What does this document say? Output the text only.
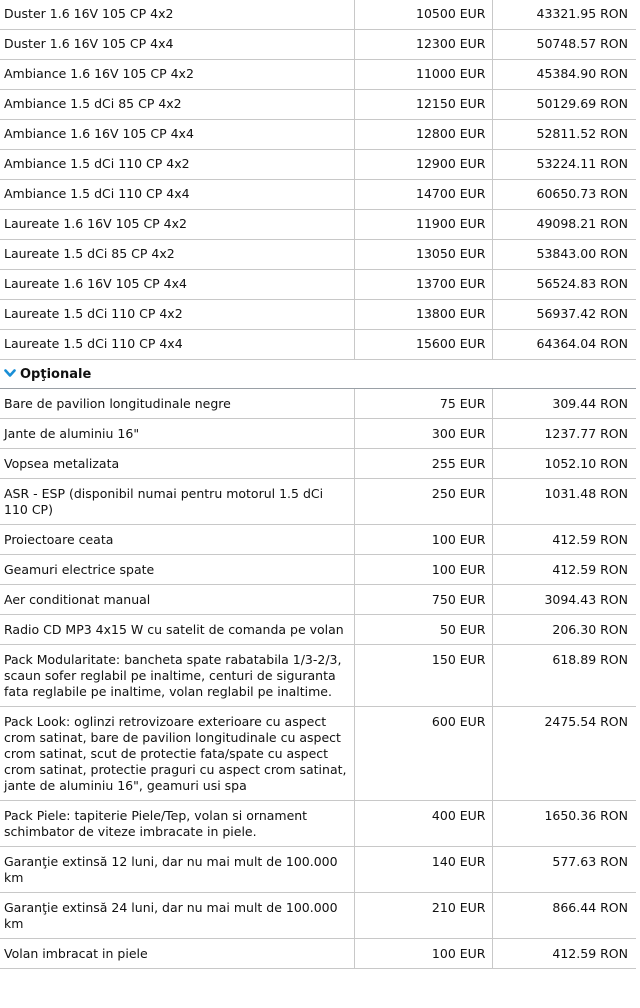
Duster 1.6 16V 105 CP 4x2	10500 EUR	43321.95 RON
Duster 1.6 16V 105 CP 4x4	12300 EUR	50748.57 RON
Ambiance 1.6 16V 105 CP 4x2	11000 EUR	45384.90 RON
Ambiance 1.5 dCi 85 CP 4x2	12150 EUR	50129.69 RON
Ambiance 1.6 16V 105 CP 4x4	12800 EUR	52811.52 RON
Ambiance 1.5 dCi 110 CP 4x2	12900 EUR	53224.11 RON
Ambiance 1.5 dCi 110 CP 4x4	14700 EUR	60650.73 RON
Laureate 1.6 16V 105 CP 4x2	11900 EUR	49098.21 RON
Laureate 1.5 dCi 85 CP 4x2	13050 EUR	53843.00 RON
Laureate 1.6 16V 105 CP 4x4	13700 EUR	56524.83 RON
Laureate 1.5 dCi 110 CP 4x2	13800 EUR	56937.42 RON
Laureate 1.5 dCi 110 CP 4x4	15600 EUR	64364.04 RON
Opţionale		
Bare de pavilion longitudinale negre	75 EUR	309.44 RON
Jante de aluminiu 16"	300 EUR	1237.77 RON
Vopsea metalizata	255 EUR	1052.10 RON
ASR - ESP (disponibil numai pentru motorul 1.5 dCi 110 CP)	250 EUR	1031.48 RON
Proiectoare ceata	100 EUR	412.59 RON
Geamuri electrice spate	100 EUR	412.59 RON
Aer conditionat manual	750 EUR	3094.43 RON
Radio CD MP3 4x15 W cu satelit de comanda pe volan	50 EUR	206.30 RON
Pack Modularitate: bancheta spate rabatabila 1/3-2/3, scaun sofer reglabil pe inaltime, centuri de siguranta fata reglabile pe inaltime, volan reglabil pe inaltime.	150 EUR	618.89 RON
Pack Look: oglinzi retrovizoare exterioare cu aspect crom satinat, bare de pavilion longitudinale cu aspect crom satinat, scut de protectie fata/spate cu aspect crom satinat, protectie praguri cu aspect crom satinat, jante de aluminiu 16", geamuri usi spa	600 EUR	2475.54 RON
Pack Piele: tapiterie Piele/Tep, volan si ornament schimbator de viteze imbracate in piele.	400 EUR	1650.36 RON
Garanţie extinsă 12 luni, dar nu mai mult de 100.000 km	140 EUR	577.63 RON
Garanţie extinsă 24 luni, dar nu mai mult de 100.000 km	210 EUR	866.44 RON
Volan imbracat in piele	100 EUR	412.59 RON
